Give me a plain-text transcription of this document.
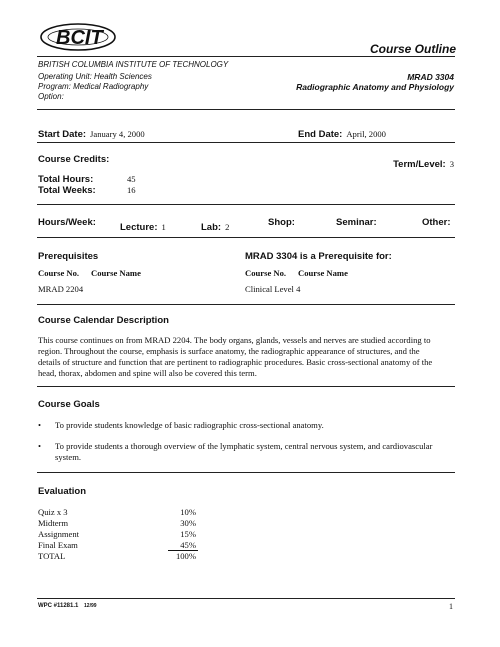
BCIT	Course Outline
BRITISH COLUMBIA INSTITUTE OF TECHNOLOGY
Operating Unit: Health Sciences
Program: Medical Radiography
Option:
MRAD 3304
Radiographic Anatomy and Physiology
Start Date: January 4, 2000	End Date: April, 2000
Course Credits:	Term/Level: 3
Total Hours:	45
Total Weeks:	16
Hours/Week:	Lecture: 1	Lab: 2	Shop:	Seminar:	Other:
Prerequisites	MRAD 3304 is a Prerequisite for:
Course No. Course Name	Course No. Course Name
MRAD 2204	Clinical Level 4
Course Calendar Description
This course continues on from MRAD 2204. The body organs, glands, vessels and nerves are studied according to
region. Throughout the course, emphasis is surface anatomy, the radiographic appearance of structures, and the
details of structure and function that are pertinent to radiographic procedures. Basic cross-sectional anatomy of the
head, thorax, abdomen and spine will also be covered this term.
Course Goals
• To provide students knowledge of basic radiographic cross-sectional anatomy.
• To provide students a thorough overview of the lymphatic system, central nervous system, and cardiovascular
system.
Evaluation
Quiz x 3	10%
Midterm	30%
Assignment	15%
Final Exam	45%
TOTAL	100%
WPC #11281.1 12/99	1
